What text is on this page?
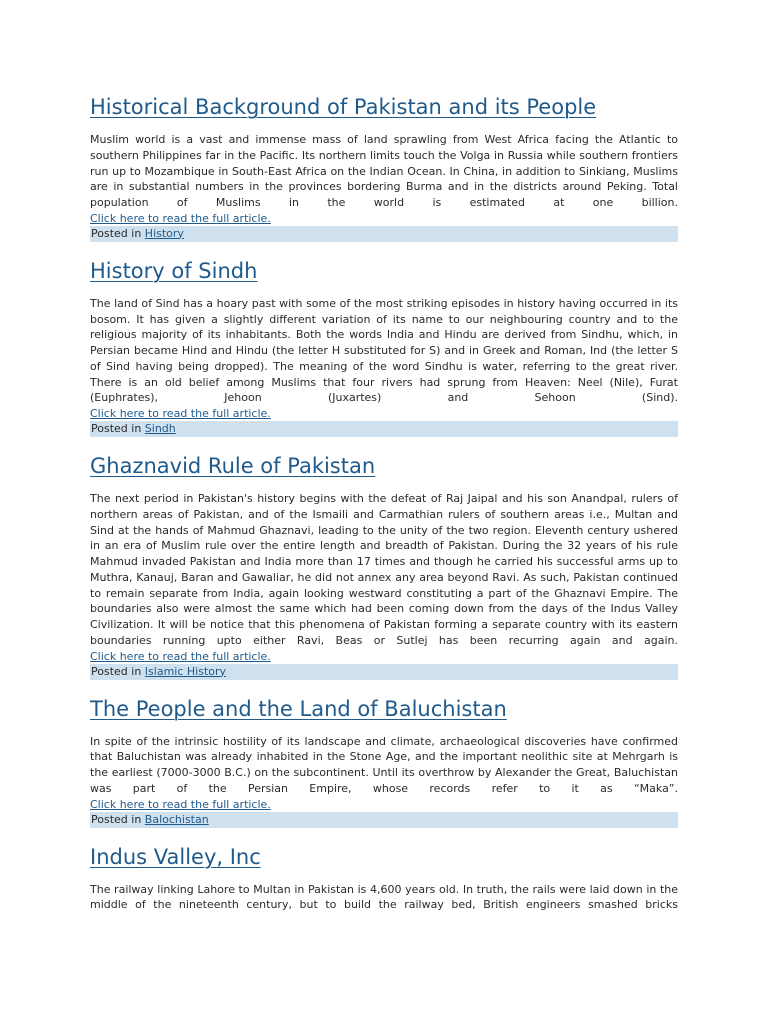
Historical Background of Pakistan and its People

Muslim world is a vast and immense mass of land sprawling from West Africa facing the Atlantic to southern Philippines far in the Pacific. Its northern limits touch the Volga in Russia while southern frontiers run up to Mozambique in South-East Africa on the Indian Ocean. In China, in addition to Sinkiang, Muslims are in substantial numbers in the provinces bordering Burma and in the districts around Peking. Total population of Muslims in the world is estimated at one billion.

Click here to read the full article.
Posted in History
History of Sindh

The land of Sind has a hoary past with some of the most striking episodes in history having occurred in its bosom. It has given a slightly different variation of its name to our neighbouring country and to the religious majority of its inhabitants. Both the words India and Hindu are derived from Sindhu, which, in Persian became Hind and Hindu (the letter H substituted for S) and in Greek and Roman, Ind (the letter S of Sind having being dropped). The meaning of the word Sindhu is water, referring to the great river. There is an old belief among Muslims that four rivers had sprung from Heaven: Neel (Nile), Furat (Euphrates), Jehoon (Juxartes) and Sehoon (Sind).

Click here to read the full article.
Posted in Sindh
Ghaznavid Rule of Pakistan

The next period in Pakistan's history begins with the defeat of Raj Jaipal and his son Anandpal, rulers of northern areas of Pakistan, and of the Ismaili and Carmathian rulers of southern areas i.e., Multan and Sind at the hands of Mahmud Ghaznavi, leading to the unity of the two region. Eleventh century ushered in an era of Muslim rule over the entire length and breadth of Pakistan. During the 32 years of his rule Mahmud invaded Pakistan and India more than 17 times and though he carried his successful arms up to Muthra, Kanauj, Baran and Gawaliar, he did not annex any area beyond Ravi. As such, Pakistan continued to remain separate from India, again looking westward constituting a part of the Ghaznavi Empire. The boundaries also were almost the same which had been coming down from the days of the Indus Valley Civilization. It will be notice that this phenomena of Pakistan forming a separate country with its eastern boundaries running upto either Ravi, Beas or Sutlej has been recurring again and again.

Click here to read the full article.
Posted in Islamic History
The People and the Land of Baluchistan

In spite of the intrinsic hostility of its landscape and climate, archaeological discoveries have confirmed that Baluchistan was already inhabited in the Stone Age, and the important neolithic site at Mehrgarh is the earliest (7000-3000 B.C.) on the subcontinent. Until its overthrow by Alexander the Great, Baluchistan was part of the Persian Empire, whose records refer to it as “Maka”.

Click here to read the full article.
Posted in Balochistan
Indus Valley, Inc

The railway linking Lahore to Multan in Pakistan is 4,600 years old. In truth, the rails were laid down in the middle of the nineteenth century, but to build the railway bed, British engineers smashed bricks
